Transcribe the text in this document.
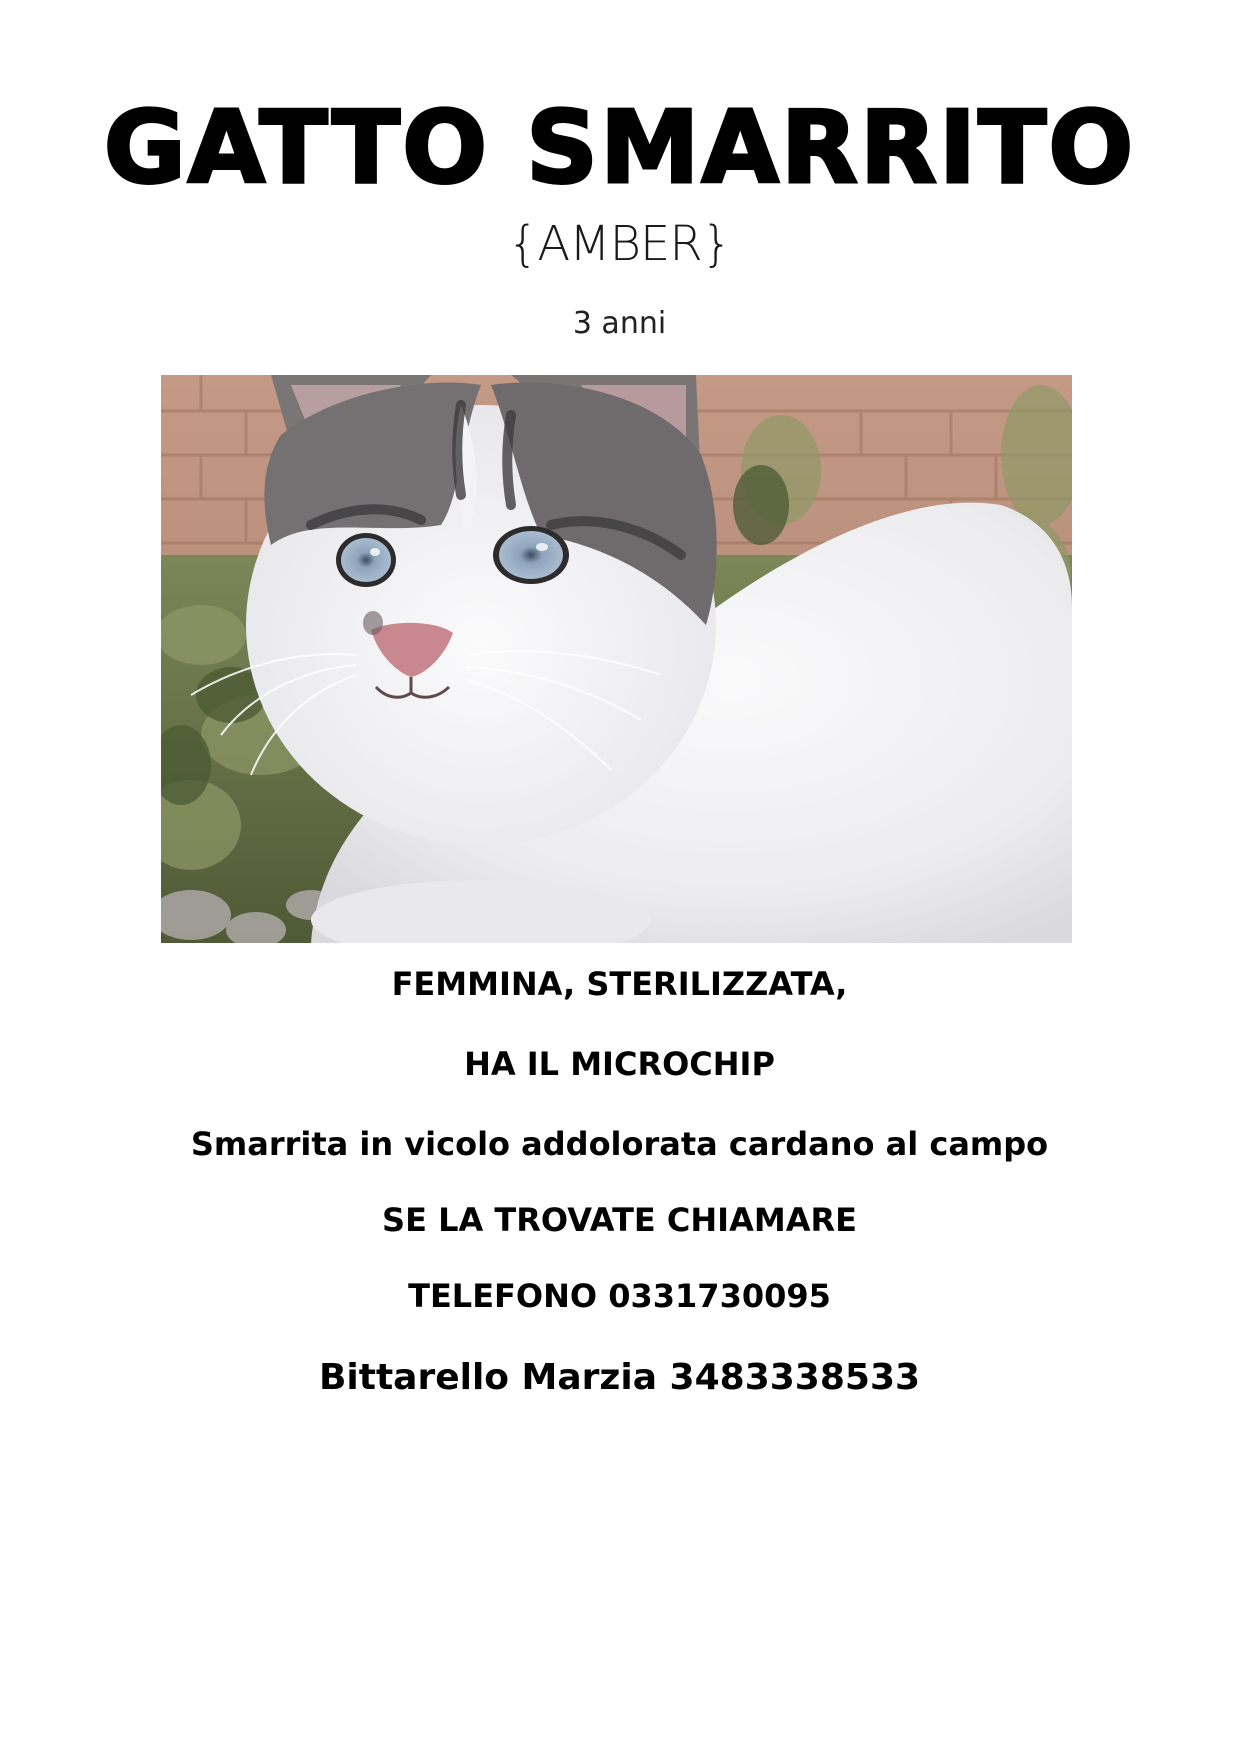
GATTO SMARRITO
{AMBER}
3 anni
FEMMINA, STERILIZZATA,
HA IL MICROCHIP
Smarrita in vicolo addolorata cardano al campo
SE LA TROVATE CHIAMARE
TELEFONO 0331730095
Bittarello Marzia 3483338533
